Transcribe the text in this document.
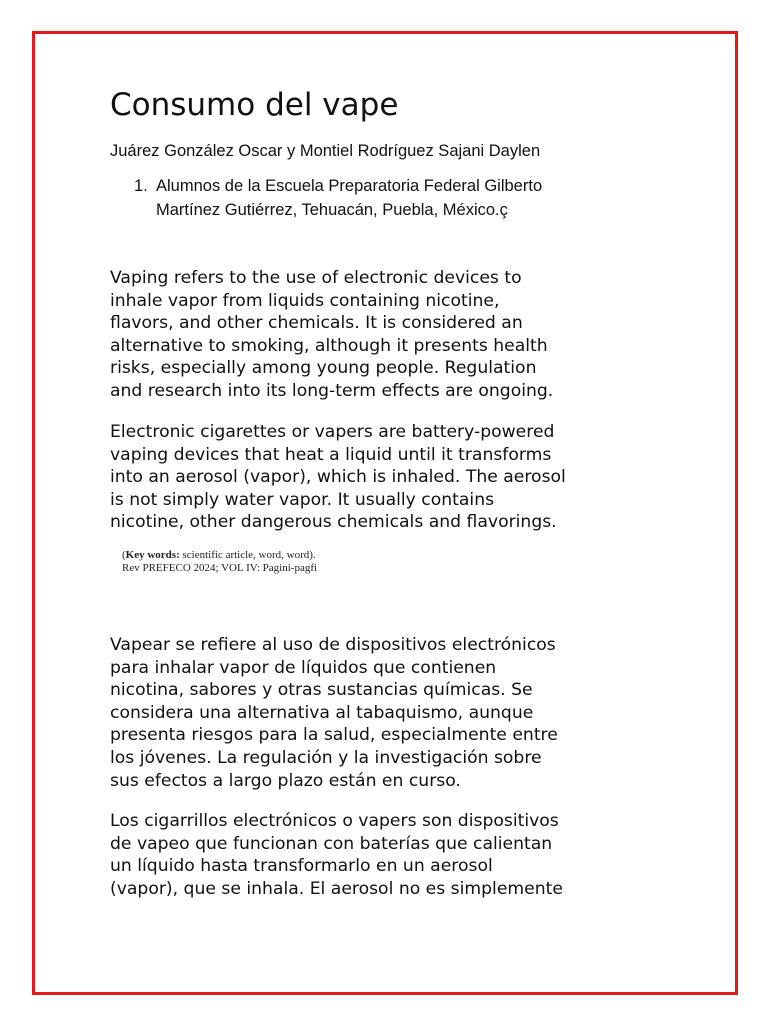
Consumo del vape

Juárez González Oscar y Montiel Rodríguez Sajani Daylen

1. Alumnos de la Escuela Preparatoria Federal Gilberto
Martínez Gutiérrez, Tehuacán, Puebla, México.ç

Vaping refers to the use of electronic devices to
inhale vapor from liquids containing nicotine,
flavors, and other chemicals. It is considered an
alternative to smoking, although it presents health
risks, especially among young people. Regulation
and research into its long-term effects are ongoing.

Electronic cigarettes or vapers are battery-powered
vaping devices that heat a liquid until it transforms
into an aerosol (vapor), which is inhaled. The aerosol
is not simply water vapor. It usually contains
nicotine, other dangerous chemicals and flavorings.

(Key words: scientific article, word, word).
Rev PREFECO 2024; VOL IV: Pagini-pagfi

Vapear se refiere al uso de dispositivos electrónicos
para inhalar vapor de líquidos que contienen
nicotina, sabores y otras sustancias químicas. Se
considera una alternativa al tabaquismo, aunque
presenta riesgos para la salud, especialmente entre
los jóvenes. La regulación y la investigación sobre
sus efectos a largo plazo están en curso.

Los cigarrillos electrónicos o vapers son dispositivos
de vapeo que funcionan con baterías que calientan
un líquido hasta transformarlo en un aerosol
(vapor), que se inhala. El aerosol no es simplemente
